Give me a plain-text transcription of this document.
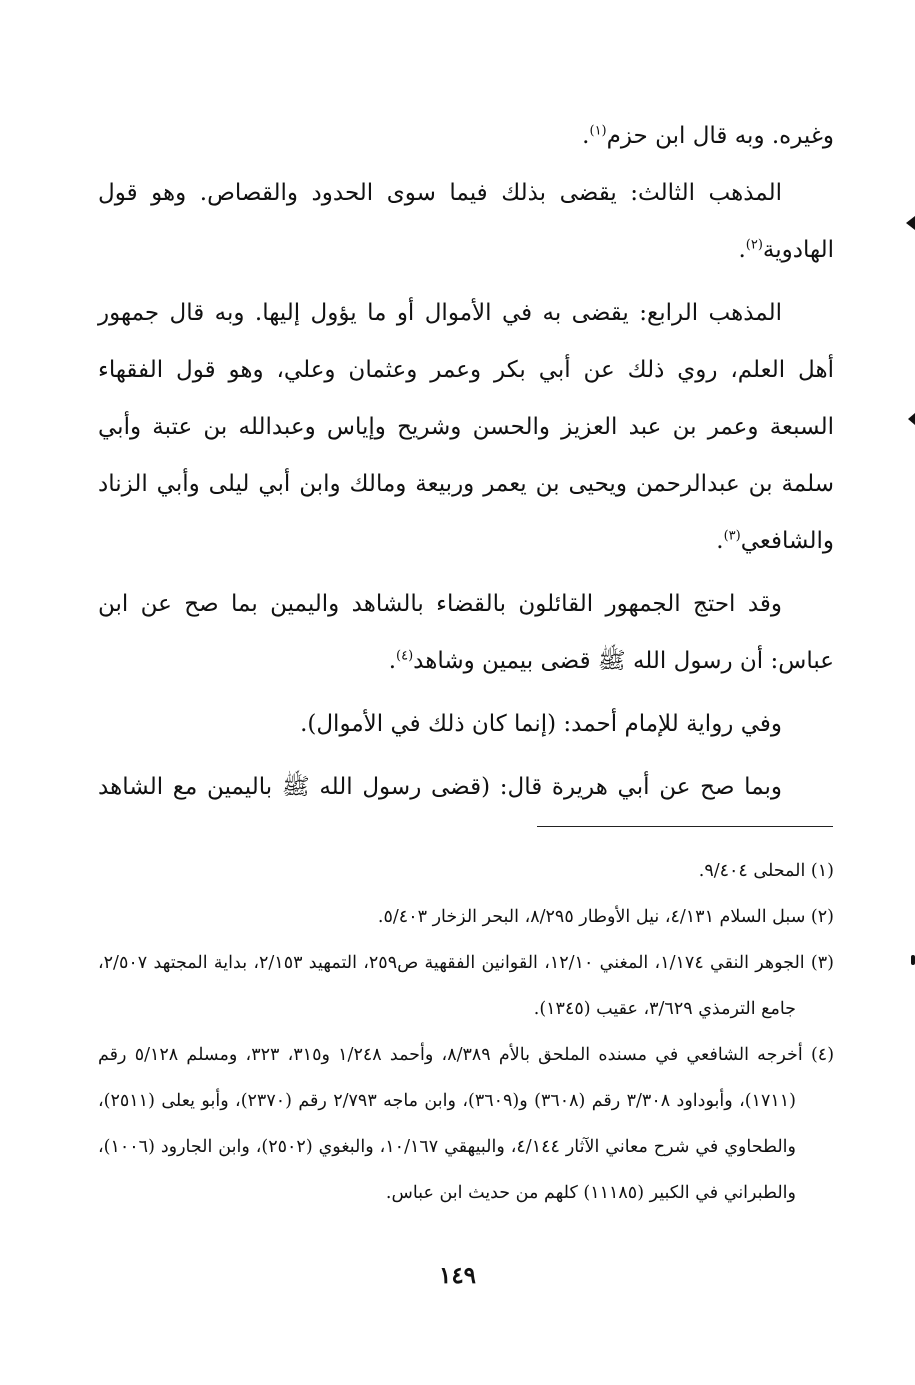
وغيره. وبه قال ابن حزم$^{(١)}$.

المذهب الثالث: يقضى بذلك فيما سوى الحدود والقصاص. وهو قول الهادوية$^{(٢)}$.

المذهب الرابع: يقضى به في الأموال أو ما يؤول إليها. وبه قال جمهور أهل العلم، روي ذلك عن أبي بكر وعمر وعثمان وعلي، وهو قول الفقهاء السبعة وعمر بن عبد العزيز والحسن وشريح وإياس وعبدالله بن عتبة وأبي سلمة بن عبدالرحمن ويحيى بن يعمر وربيعة ومالك وابن أبي ليلى وأبي الزناد والشافعي$^{(٣)}$.

وقد احتج الجمهور القائلون بالقضاء بالشاهد واليمين بما صح عن ابن عباس: أن رسول الله ﷺ قضى بيمين وشاهد$^{(٤)}$.

وفي رواية للإمام أحمد: (إنما كان ذلك في الأموال).

وبما صح عن أبي هريرة قال: (قضى رسول الله ﷺ باليمين مع الشاهد

(١) المحلى ٩/٤٠٤.

(٢) سبل السلام ٤/١٣١، نيل الأوطار ٨/٢٩٥، البحر الزخار ٥/٤٠٣.

(٣) الجوهر النقي ١/١٧٤، المغني ١٢/١٠، القوانين الفقهية ص٢٥٩، التمهيد ٢/١٥٣، بداية المجتهد ٢/٥٠٧، جامع الترمذي ٣/٦٢٩، عقيب (١٣٤٥).

(٤) أخرجه الشافعي في مسنده الملحق بالأم ٨/٣٨٩، وأحمد ١/٢٤٨ و٣١٥، ٣٢٣، ومسلم ٥/١٢٨ رقم (١٧١١)، وأبوداود ٣/٣٠٨ رقم (٣٦٠٨) و(٣٦٠٩)، وابن ماجه ٢/٧٩٣ رقم (٢٣٧٠)، وأبو يعلى (٢٥١١)، والطحاوي في شرح معاني الآثار ٤/١٤٤، والبيهقي ١٠/١٦٧، والبغوي (٢٥٠٢)، وابن الجارود (١٠٠٦)، والطبراني في الكبير (١١١٨٥) كلهم من حديث ابن عباس.

١٤٩
